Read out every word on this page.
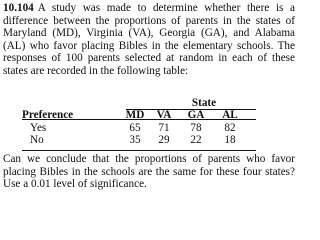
10.104 A study was made to determine whether there is a difference between the proportions of parents in the states of Maryland (MD), Virginia (VA), Georgia (GA), and Alabama (AL) who favor placing Bibles in the elementary schools. The responses of 100 parents selected at random in each of these states are recorded in the following table:
State
Preference	MD	VA	GA	AL
Yes	65	71	78	82
No	35	29	22	18
Can we conclude that the proportions of parents who favor placing Bibles in the schools are the same for these four states? Use a 0.01 level of significance.
